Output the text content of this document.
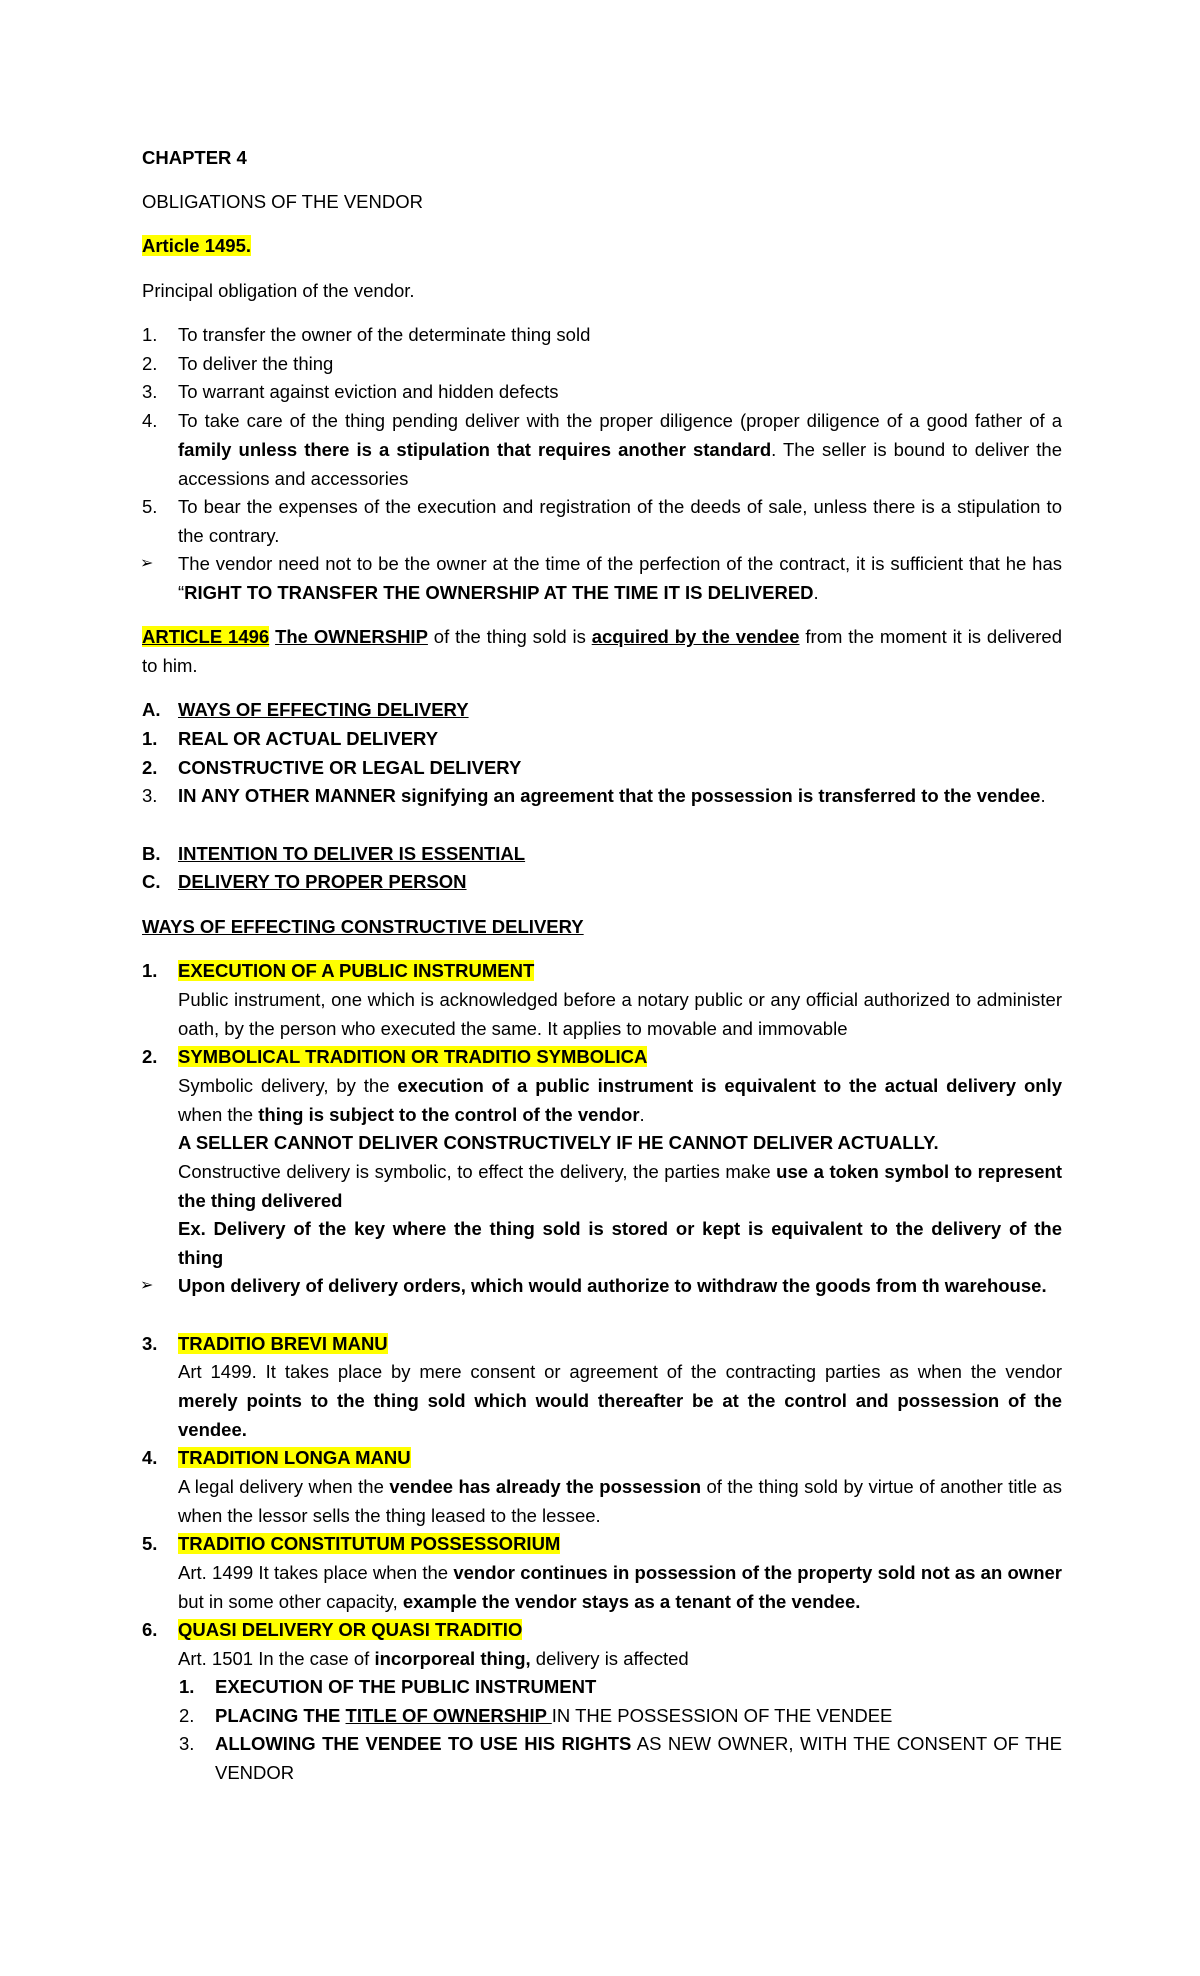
CHAPTER 4
OBLIGATIONS OF THE VENDOR
Article 1495.
Principal obligation of the vendor.
1.	To transfer the owner of the determinate thing sold
2.	To deliver the thing
3.	To warrant against eviction and hidden defects
4.	To take care of the thing pending deliver with the proper diligence (proper diligence of a good father of a family unless there is a stipulation that requires another standard. The seller is bound to deliver the accessions and accessories
5.	To bear the expenses of the execution and registration of the deeds of sale, unless there is a stipulation to the contrary.
➢ The vendor need not to be the owner at the time of the perfection of the contract, it is sufficient that he has “RIGHT TO TRANSFER THE OWNERSHIP AT THE TIME IT IS DELIVERED.
ARTICLE 1496 The OWNERSHIP of the thing sold is acquired by the vendee from the moment it is delivered to him.
A. WAYS OF EFFECTING DELIVERY
1.	REAL OR ACTUAL DELIVERY
2.	CONSTRUCTIVE OR LEGAL DELIVERY
3.	IN ANY OTHER MANNER signifying an agreement that the possession is transferred to the vendee.
B. INTENTION TO DELIVER IS ESSENTIAL
C. DELIVERY TO PROPER PERSON
WAYS OF EFFECTING CONSTRUCTIVE DELIVERY
1.	EXECUTION OF A PUBLIC INSTRUMENT
Public instrument, one which is acknowledged before a notary public or any official authorized to administer oath, by the person who executed the same. It applies to movable and immovable
2.	SYMBOLICAL TRADITION OR TRADITIO SYMBOLICA
Symbolic delivery, by the execution of a public instrument is equivalent to the actual delivery only when the thing is subject to the control of the vendor.
A SELLER CANNOT DELIVER CONSTRUCTIVELY IF HE CANNOT DELIVER ACTUALLY.
Constructive delivery is symbolic, to effect the delivery, the parties make use a token symbol to represent the thing delivered
Ex. Delivery of the key where the thing sold is stored or kept is equivalent to the delivery of the thing
➢ Upon delivery of delivery orders, which would authorize to withdraw the goods from th warehouse.
3.	TRADITIO BREVI MANU
Art 1499. It takes place by mere consent or agreement of the contracting parties as when the vendor merely points to the thing sold which would thereafter be at the control and possession of the vendee.
4.	TRADITION LONGA MANU
A legal delivery when the vendee has already the possession of the thing sold by virtue of another title as when the lessor sells the thing leased to the lessee.
5.	TRADITIO CONSTITUTUM POSSESSORIUM
Art. 1499 It takes place when the vendor continues in possession of the property sold not as an owner but in some other capacity, example the vendor stays as a tenant of the vendee.
6.	QUASI DELIVERY OR QUASI TRADITIO
Art. 1501 In the case of incorporeal thing, delivery is affected
1.	EXECUTION OF THE PUBLIC INSTRUMENT
2.	PLACING THE TITLE OF OWNERSHIP IN THE POSSESSION OF THE VENDEE
3.	ALLOWING THE VENDEE TO USE HIS RIGHTS AS NEW OWNER, WITH THE CONSENT OF THE VENDOR
